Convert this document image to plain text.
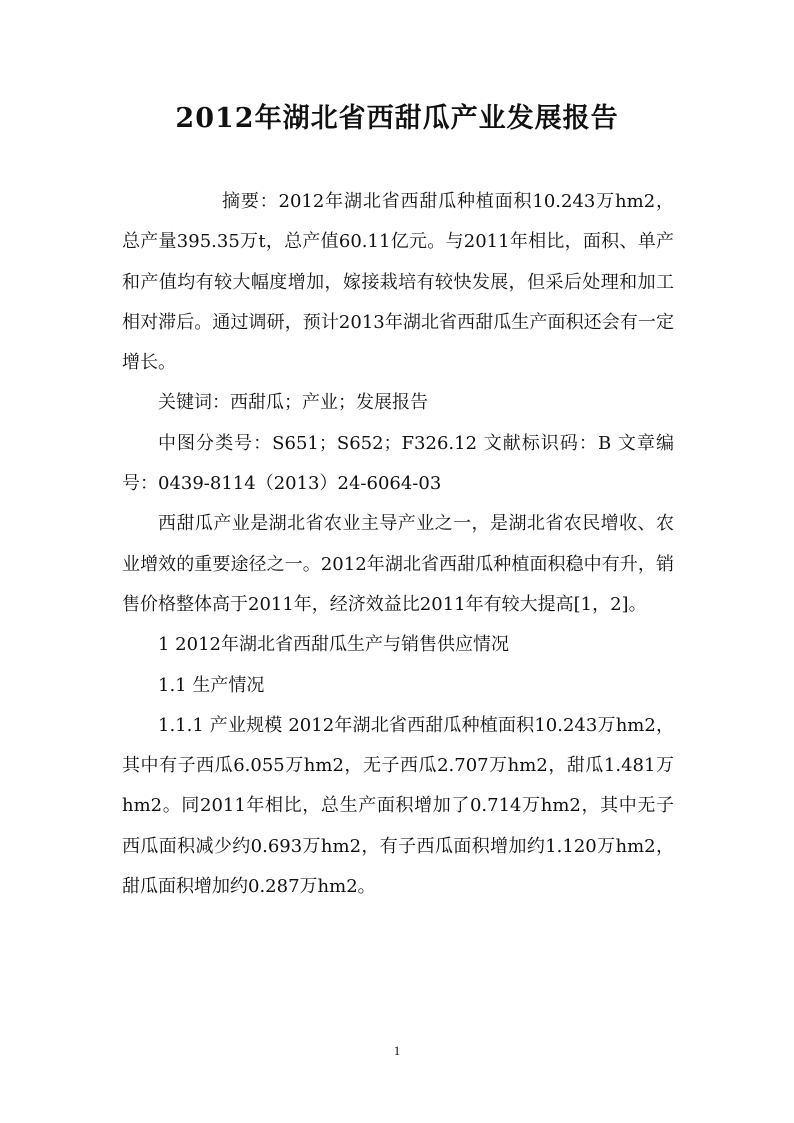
2012年湖北省西甜瓜产业发展报告

摘要：2012年湖北省西甜瓜种植面积10.243万hm2，总产量395.35万t，总产值60.11亿元。与2011年相比，面积、单产和产值均有较大幅度增加，嫁接栽培有较快发展，但采后处理和加工相对滞后。通过调研，预计2013年湖北省西甜瓜生产面积还会有一定增长。

关键词：西甜瓜；产业；发展报告

中图分类号：S651；S652；F326.12 文献标识码：B 文章编号：0439-8114（2013）24-6064-03

西甜瓜产业是湖北省农业主导产业之一，是湖北省农民增收、农业增效的重要途径之一。2012年湖北省西甜瓜种植面积稳中有升，销售价格整体高于2011年，经济效益比2011年有较大提高[1，2]。

1 2012年湖北省西甜瓜生产与销售供应情况

1.1 生产情况

1.1.1 产业规模 2012年湖北省西甜瓜种植面积10.243万hm2，其中有子西瓜6.055万hm2，无子西瓜2.707万hm2，甜瓜1.481万hm2。同2011年相比，总生产面积增加了0.714万hm2，其中无子西瓜面积减少约0.693万hm2，有子西瓜面积增加约1.120万hm2，甜瓜面积增加约0.287万hm2。

1
